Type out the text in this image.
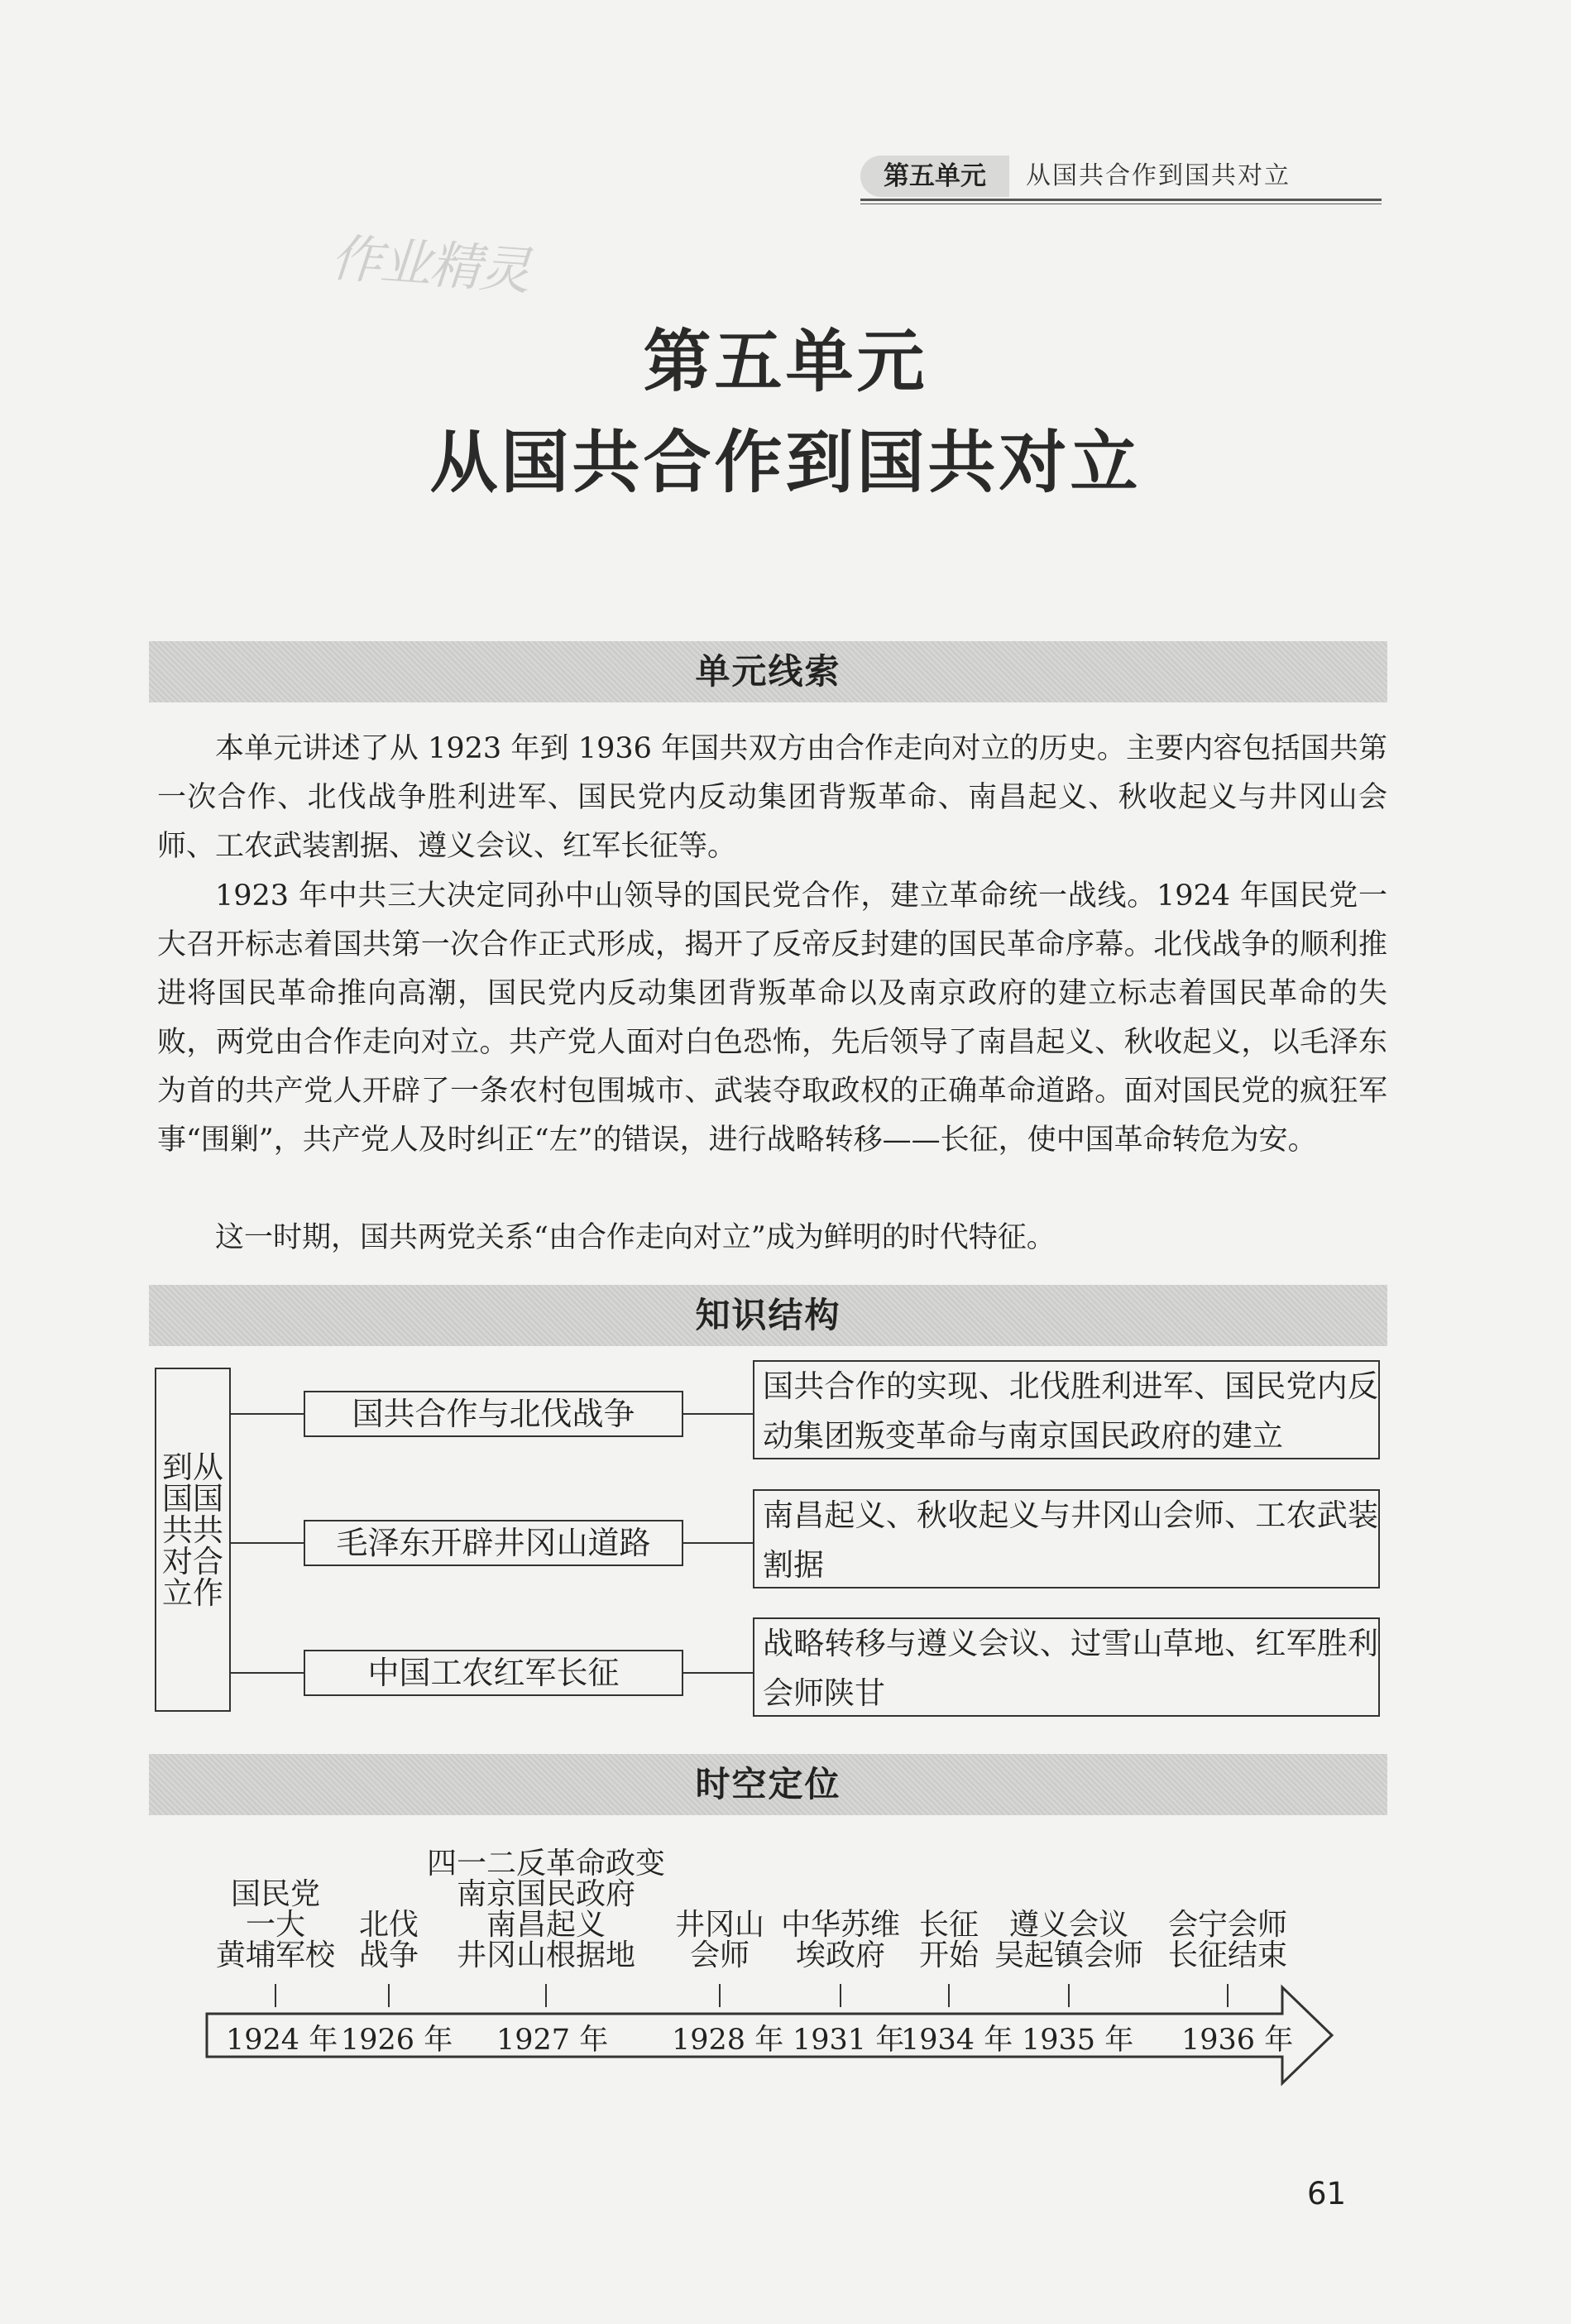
第五单元	从国共合作到国共对立
作业精灵
第五单元
从国共合作到国共对立
单元线索

本单元讲述了从 1923 年到 1936 年国共双方由合作走向对立的历史。主要内容包括国共第一次合作、北伐战争胜利进军、国民党内反动集团背叛革命、南昌起义、秋收起义与井冈山会师、工农武装割据、遵义会议、红军长征等。

1923 年中共三大决定同孙中山领导的国民党合作，建立革命统一战线。1924 年国民党一大召开标志着国共第一次合作正式形成，揭开了反帝反封建的国民革命序幕。北伐战争的顺利推进将国民革命推向高潮，国民党内反动集团背叛革命以及南京政府的建立标志着国民革命的失败，两党由合作走向对立。共产党人面对白色恐怖，先后领导了南昌起义、秋收起义，以毛泽东为首的共产党人开辟了一条农村包围城市、武装夺取政权的正确革命道路。面对国民党的疯狂军事“围剿”，共产党人及时纠正“左”的错误，进行战略转移——长征，使中国革命转危为安。

这一时期，国共两党关系“由合作走向对立”成为鲜明的时代特征。

知识结构
到从
国国
共共
对合
立作

国共合作与北伐战争
毛泽东开辟井冈山道路
中国工农红军长征
国共合作的实现、北伐胜利进军、国民党内反动集团叛变革命与南京国民政府的建立
南昌起义、秋收起义与井冈山会师、工农武装割据
战略转移与遵义会议、过雪山草地、红军胜利会师陕甘
时空定位
1924 年 1926 年 1927 年 1928 年 1931 年
1934 年 1935 年 1936 年
国民党
一大
黄埔军校
北伐
战争
四一二反革命政变
南京国民政府
南昌起义
井冈山根据地
井冈山
会师
中华苏维
埃政府
长征
开始
遵义会议
吴起镇会师
会宁会师
长征结束
61
